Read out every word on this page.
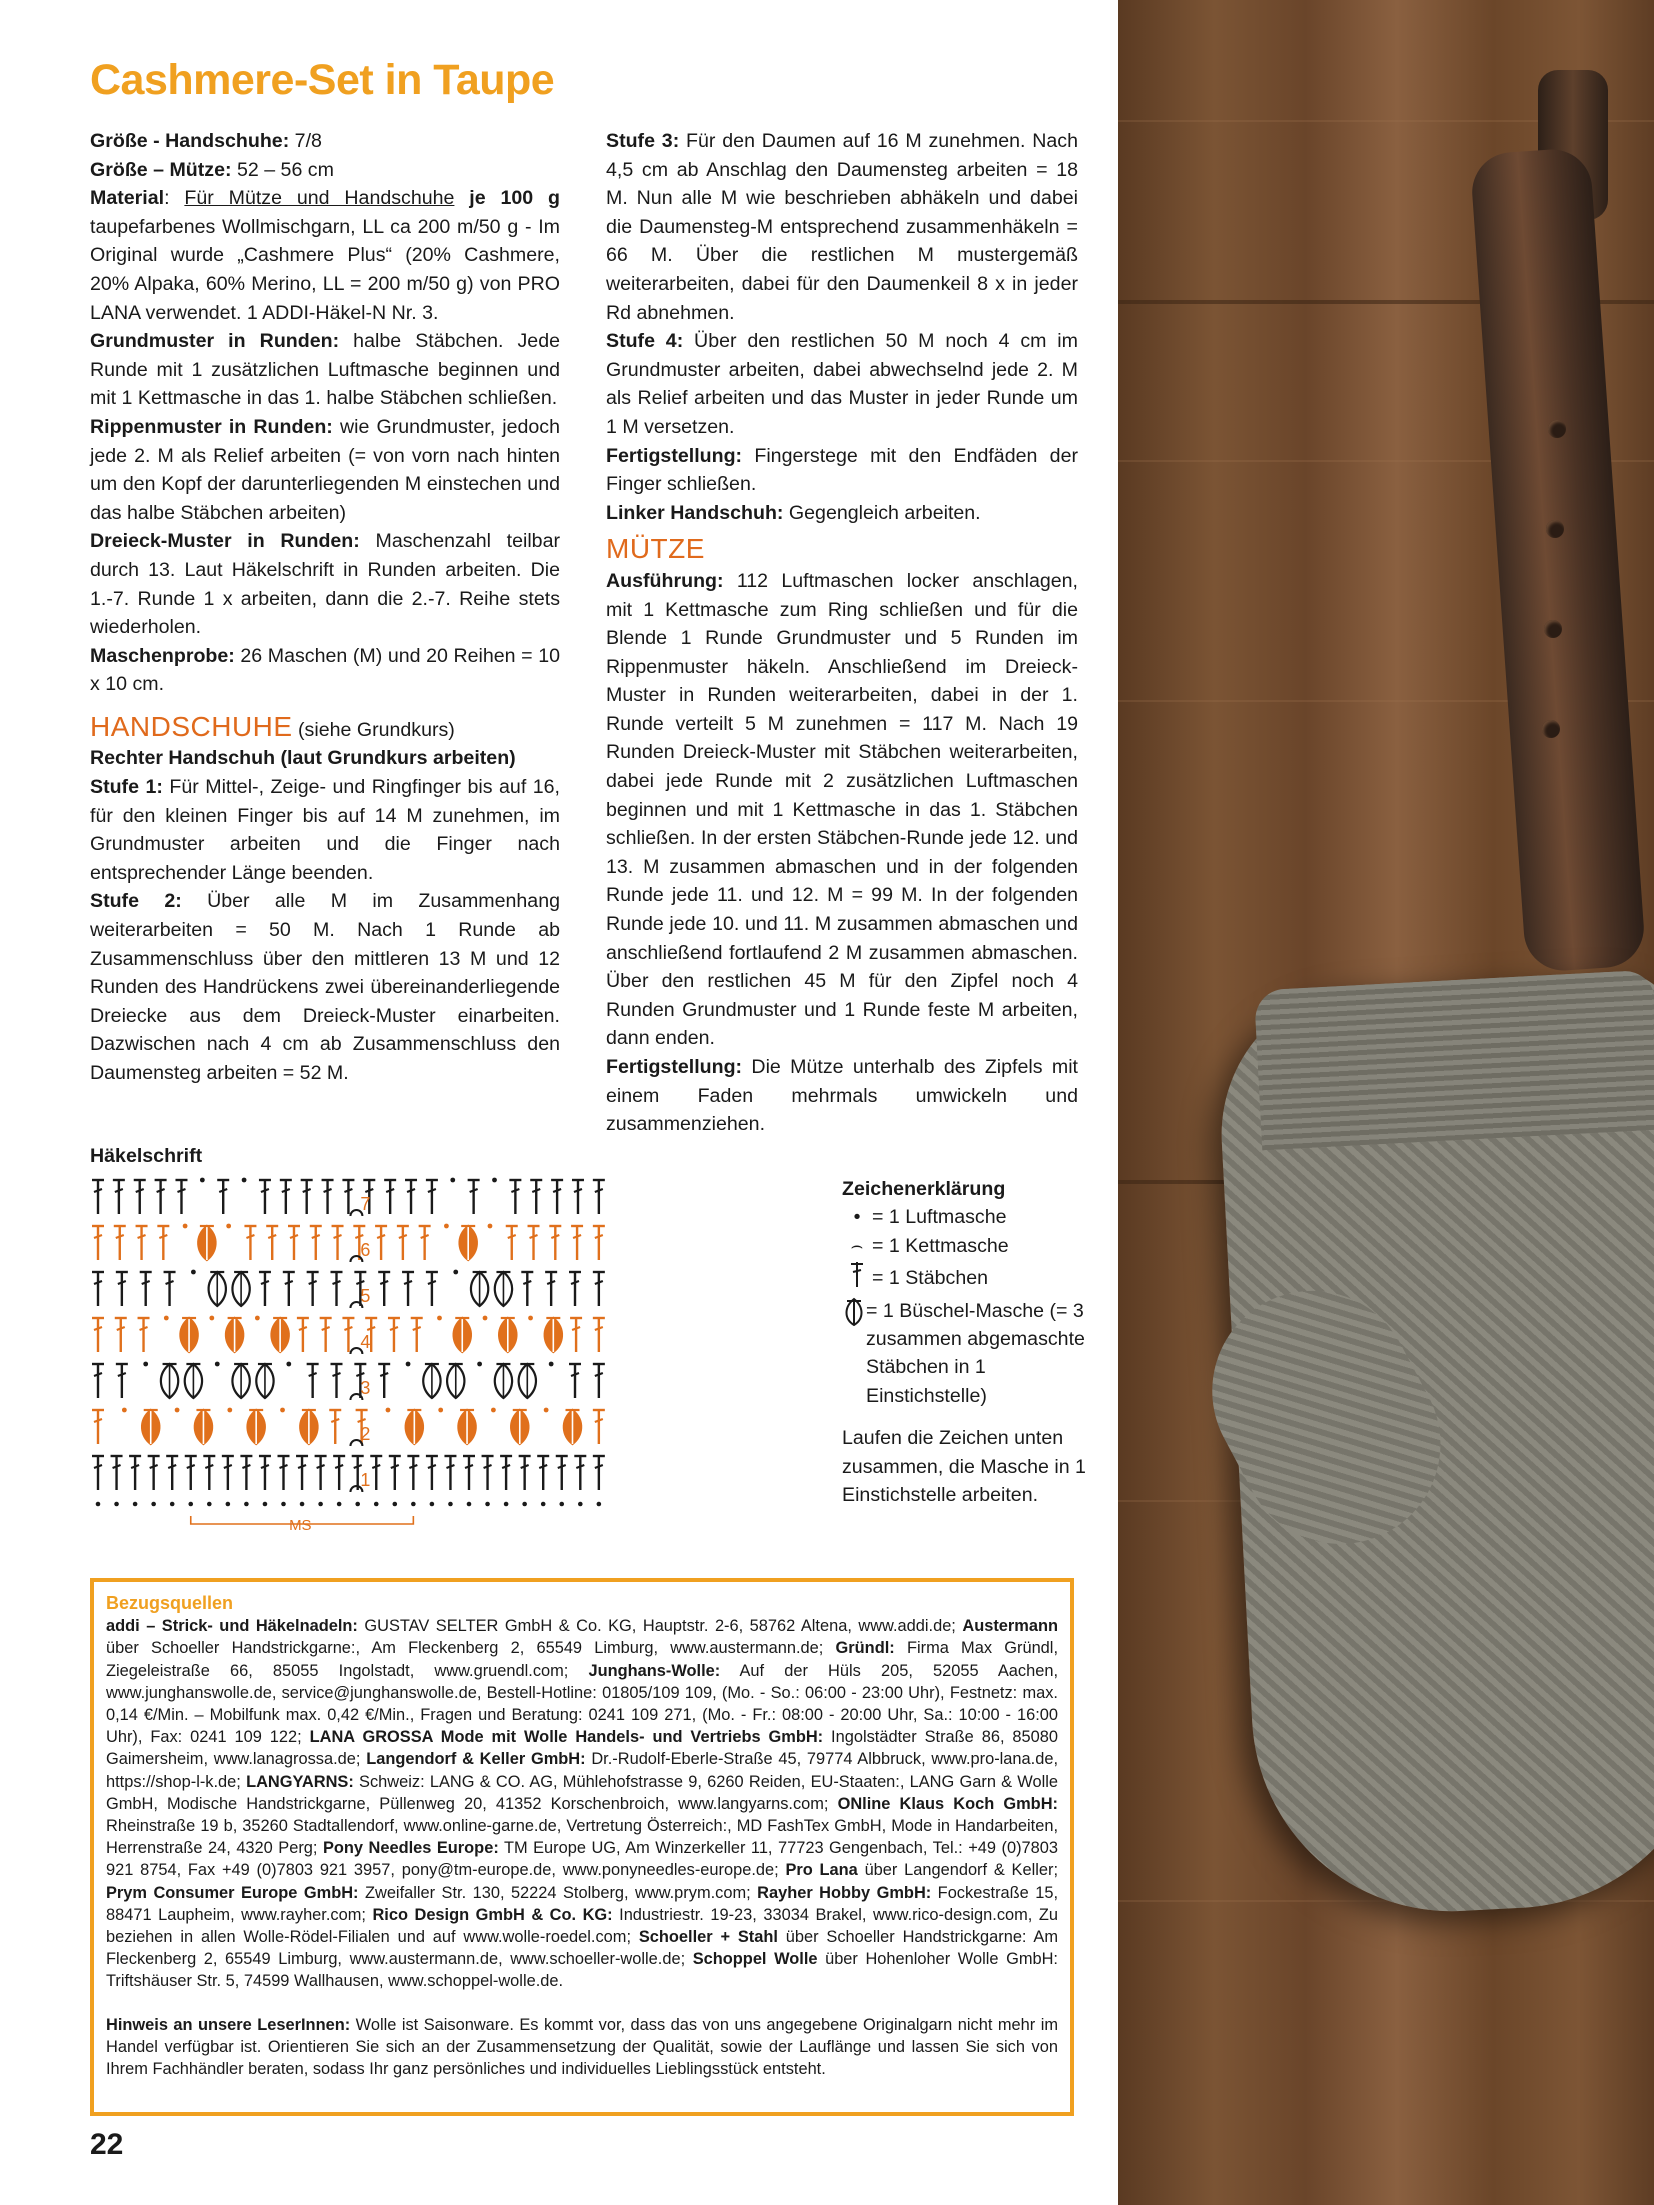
Cashmere-Set in Taupe

Größe - Handschuhe: 7/8

Größe – Mütze: 52 – 56 cm

Material: Für Mütze und Handschuhe je 100 g taupefarbenes Wollmischgarn, LL ca 200 m/50 g - Im Original wurde „Cashmere Plus“ (20% Cashmere, 20% Alpaka, 60% Merino, LL = 200 m/50 g) von PRO LANA verwendet. 1 ADDI-Häkel-N Nr. 3.

Grundmuster in Runden: halbe Stäbchen. Jede Runde mit 1 zusätzlichen Luftmasche beginnen und mit 1 Kettmasche in das 1. halbe Stäbchen schließen.

Rippenmuster in Runden: wie Grundmuster, jedoch jede 2. M als Relief arbeiten (= von vorn nach hinten um den Kopf der darunterliegenden M einstechen und das halbe Stäbchen arbeiten)

Dreieck-Muster in Runden: Maschenzahl teilbar durch 13. Laut Häkelschrift in Runden arbeiten. Die 1.-7. Runde 1 x arbeiten, dann die 2.-7. Reihe stets wiederholen.

Maschenprobe: 26 Maschen (M) und 20 Reihen = 10 x 10 cm.

HANDSCHUHE (siehe Grundkurs)

Rechter Handschuh (laut Grundkurs arbeiten)

Stufe 1: Für Mittel-, Zeige- und Ringfinger bis auf 16, für den kleinen Finger bis auf 14 M zunehmen, im Grundmuster arbeiten und die Finger nach entsprechender Länge beenden.

Stufe 2: Über alle M im Zusammenhang weiterarbeiten = 50 M. Nach 1 Runde ab Zusammenschluss über den mittleren 13 M und 12 Runden des Handrückens zwei übereinanderliegende Dreiecke aus dem Dreieck-Muster einarbeiten. Dazwischen nach 4 cm ab Zusammenschluss den Daumensteg arbeiten = 52 M.

Stufe 3: Für den Daumen auf 16 M zunehmen. Nach 4,5 cm ab Anschlag den Daumensteg arbeiten = 18 M. Nun alle M wie beschrieben abhäkeln und dabei die Daumensteg-M entsprechend zusammenhäkeln = 66 M. Über die restlichen M mustergemäß weiterarbeiten, dabei für den Daumenkeil 8 x in jeder Rd abnehmen.

Stufe 4: Über den restlichen 50 M noch 4 cm im Grundmuster arbeiten, dabei abwechselnd jede 2. M als Relief arbeiten und das Muster in jeder Runde um 1 M versetzen.

Fertigstellung: Fingerstege mit den Endfäden der Finger schließen.

Linker Handschuh: Gegengleich arbeiten.

MÜTZE

Ausführung: 112 Luftmaschen locker anschlagen, mit 1 Kettmasche zum Ring schließen und für die Blende 1 Runde Grundmuster und 5 Runden im Rippenmuster häkeln. Anschließend im Dreieck-Muster in Runden weiterarbeiten, dabei in der 1. Runde verteilt 5 M zunehmen = 117 M. Nach 19 Runden Dreieck-Muster mit Stäbchen weiterarbeiten, dabei jede Runde mit 2 zusätzlichen Luftmaschen beginnen und mit 1 Kettmasche in das 1. Stäbchen schließen. In der ersten Stäbchen-Runde jede 12. und 13. M zusammen abmaschen und in der folgenden Runde jede 11. und 12. M = 99 M. In der folgenden Runde jede 10. und 11. M zusammen abmaschen und anschließend fortlaufend 2 M zusammen abmaschen. Über den restlichen 45 M für den Zipfel noch 4 Runden Grundmuster und 1 Runde feste M arbeiten, dann enden.

Fertigstellung: Die Mütze unterhalb des Zipfels mit einem Faden mehrmals umwickeln und zusammenziehen.

Häkelschrift
7
6
5
4
3
2
1
MS
Zeichenerklärung
• = 1 Luftmasche
⌢ = 1 Kettmasche
= 1 Stäbchen
= 1 Büschel-Masche (= 3 zusammen abgemaschte Stäbchen in 1 Einstichstelle)
Laufen die Zeichen unten zusammen, die Masche in 1 Einstichstelle arbeiten.
Bezugsquellen

addi – Strick- und Häkelnadeln: GUSTAV SELTER GmbH & Co. KG, Hauptstr. 2-6, 58762 Altena, www.addi.de; Austermann über Schoeller Handstrickgarne:, Am Fleckenberg 2, 65549 Limburg, www.austermann.de; Gründl: Firma Max Gründl, Ziegeleistraße 66, 85055 Ingolstadt, www.gruendl.com; Junghans-Wolle: Auf der Hüls 205, 52055 Aachen, www.junghanswolle.de, service@junghanswolle.de, Bestell-Hotline: 01805/109 109, (Mo. - So.: 06:00 - 23:00 Uhr), Festnetz: max. 0,14 €/Min. – Mobilfunk max. 0,42 €/Min., Fragen und Beratung: 0241 109 271, (Mo. - Fr.: 08:00 - 20:00 Uhr, Sa.: 10:00 - 16:00 Uhr), Fax: 0241 109 122; LANA GROSSA Mode mit Wolle Handels- und Vertriebs GmbH: Ingolstädter Straße 86, 85080 Gaimersheim, www.lanagrossa.de; Langendorf & Keller GmbH: Dr.-Rudolf-Eberle-Straße 45, 79774 Albbruck, www.pro-lana.de, https://shop-l-k.de; LANGYARNS: Schweiz: LANG & CO. AG, Mühlehofstrasse 9, 6260 Reiden, EU-Staaten:, LANG Garn & Wolle GmbH, Modische Handstrickgarne, Püllenweg 20, 41352 Korschenbroich, www.langyarns.com; ONline Klaus Koch GmbH: Rheinstraße 19 b, 35260 Stadtallendorf, www.online-garne.de, Vertretung Österreich:, MD FashTex GmbH, Mode in Handarbeiten, Herrenstraße 24, 4320 Perg; Pony Needles Europe: TM Europe UG, Am Winzerkeller 11, 77723 Gengenbach, Tel.: +49 (0)7803 921 8754, Fax +49 (0)7803 921 3957, pony@tm-europe.de, www.ponyneedles-europe.de; Pro Lana über Langendorf & Keller; Prym Consumer Europe GmbH: Zweifaller Str. 130, 52224 Stolberg, www.prym.com; Rayher Hobby GmbH: Fockestraße 15, 88471 Laupheim, www.rayher.com; Rico Design GmbH & Co. KG: Industriestr. 19-23, 33034 Brakel, www.rico-design.com, Zu beziehen in allen Wolle-Rödel-Filialen und auf www.wolle-roedel.com; Schoeller + Stahl über Schoeller Handstrickgarne: Am Fleckenberg 2, 65549 Limburg, www.austermann.de, www.schoeller-wolle.de; Schoppel Wolle über Hohenloher Wolle GmbH: Triftshäuser Str. 5, 74599 Wallhausen, www.schoppel-wolle.de.

Hinweis an unsere LeserInnen: Wolle ist Saisonware. Es kommt vor, dass das von uns angegebene Originalgarn nicht mehr im Handel verfügbar ist. Orientieren Sie sich an der Zusammensetzung der Qualität, sowie der Lauflänge und lassen Sie sich von Ihrem Fachhändler beraten, sodass Ihr ganz persönliches und individuelles Lieblingsstück entsteht.

22
